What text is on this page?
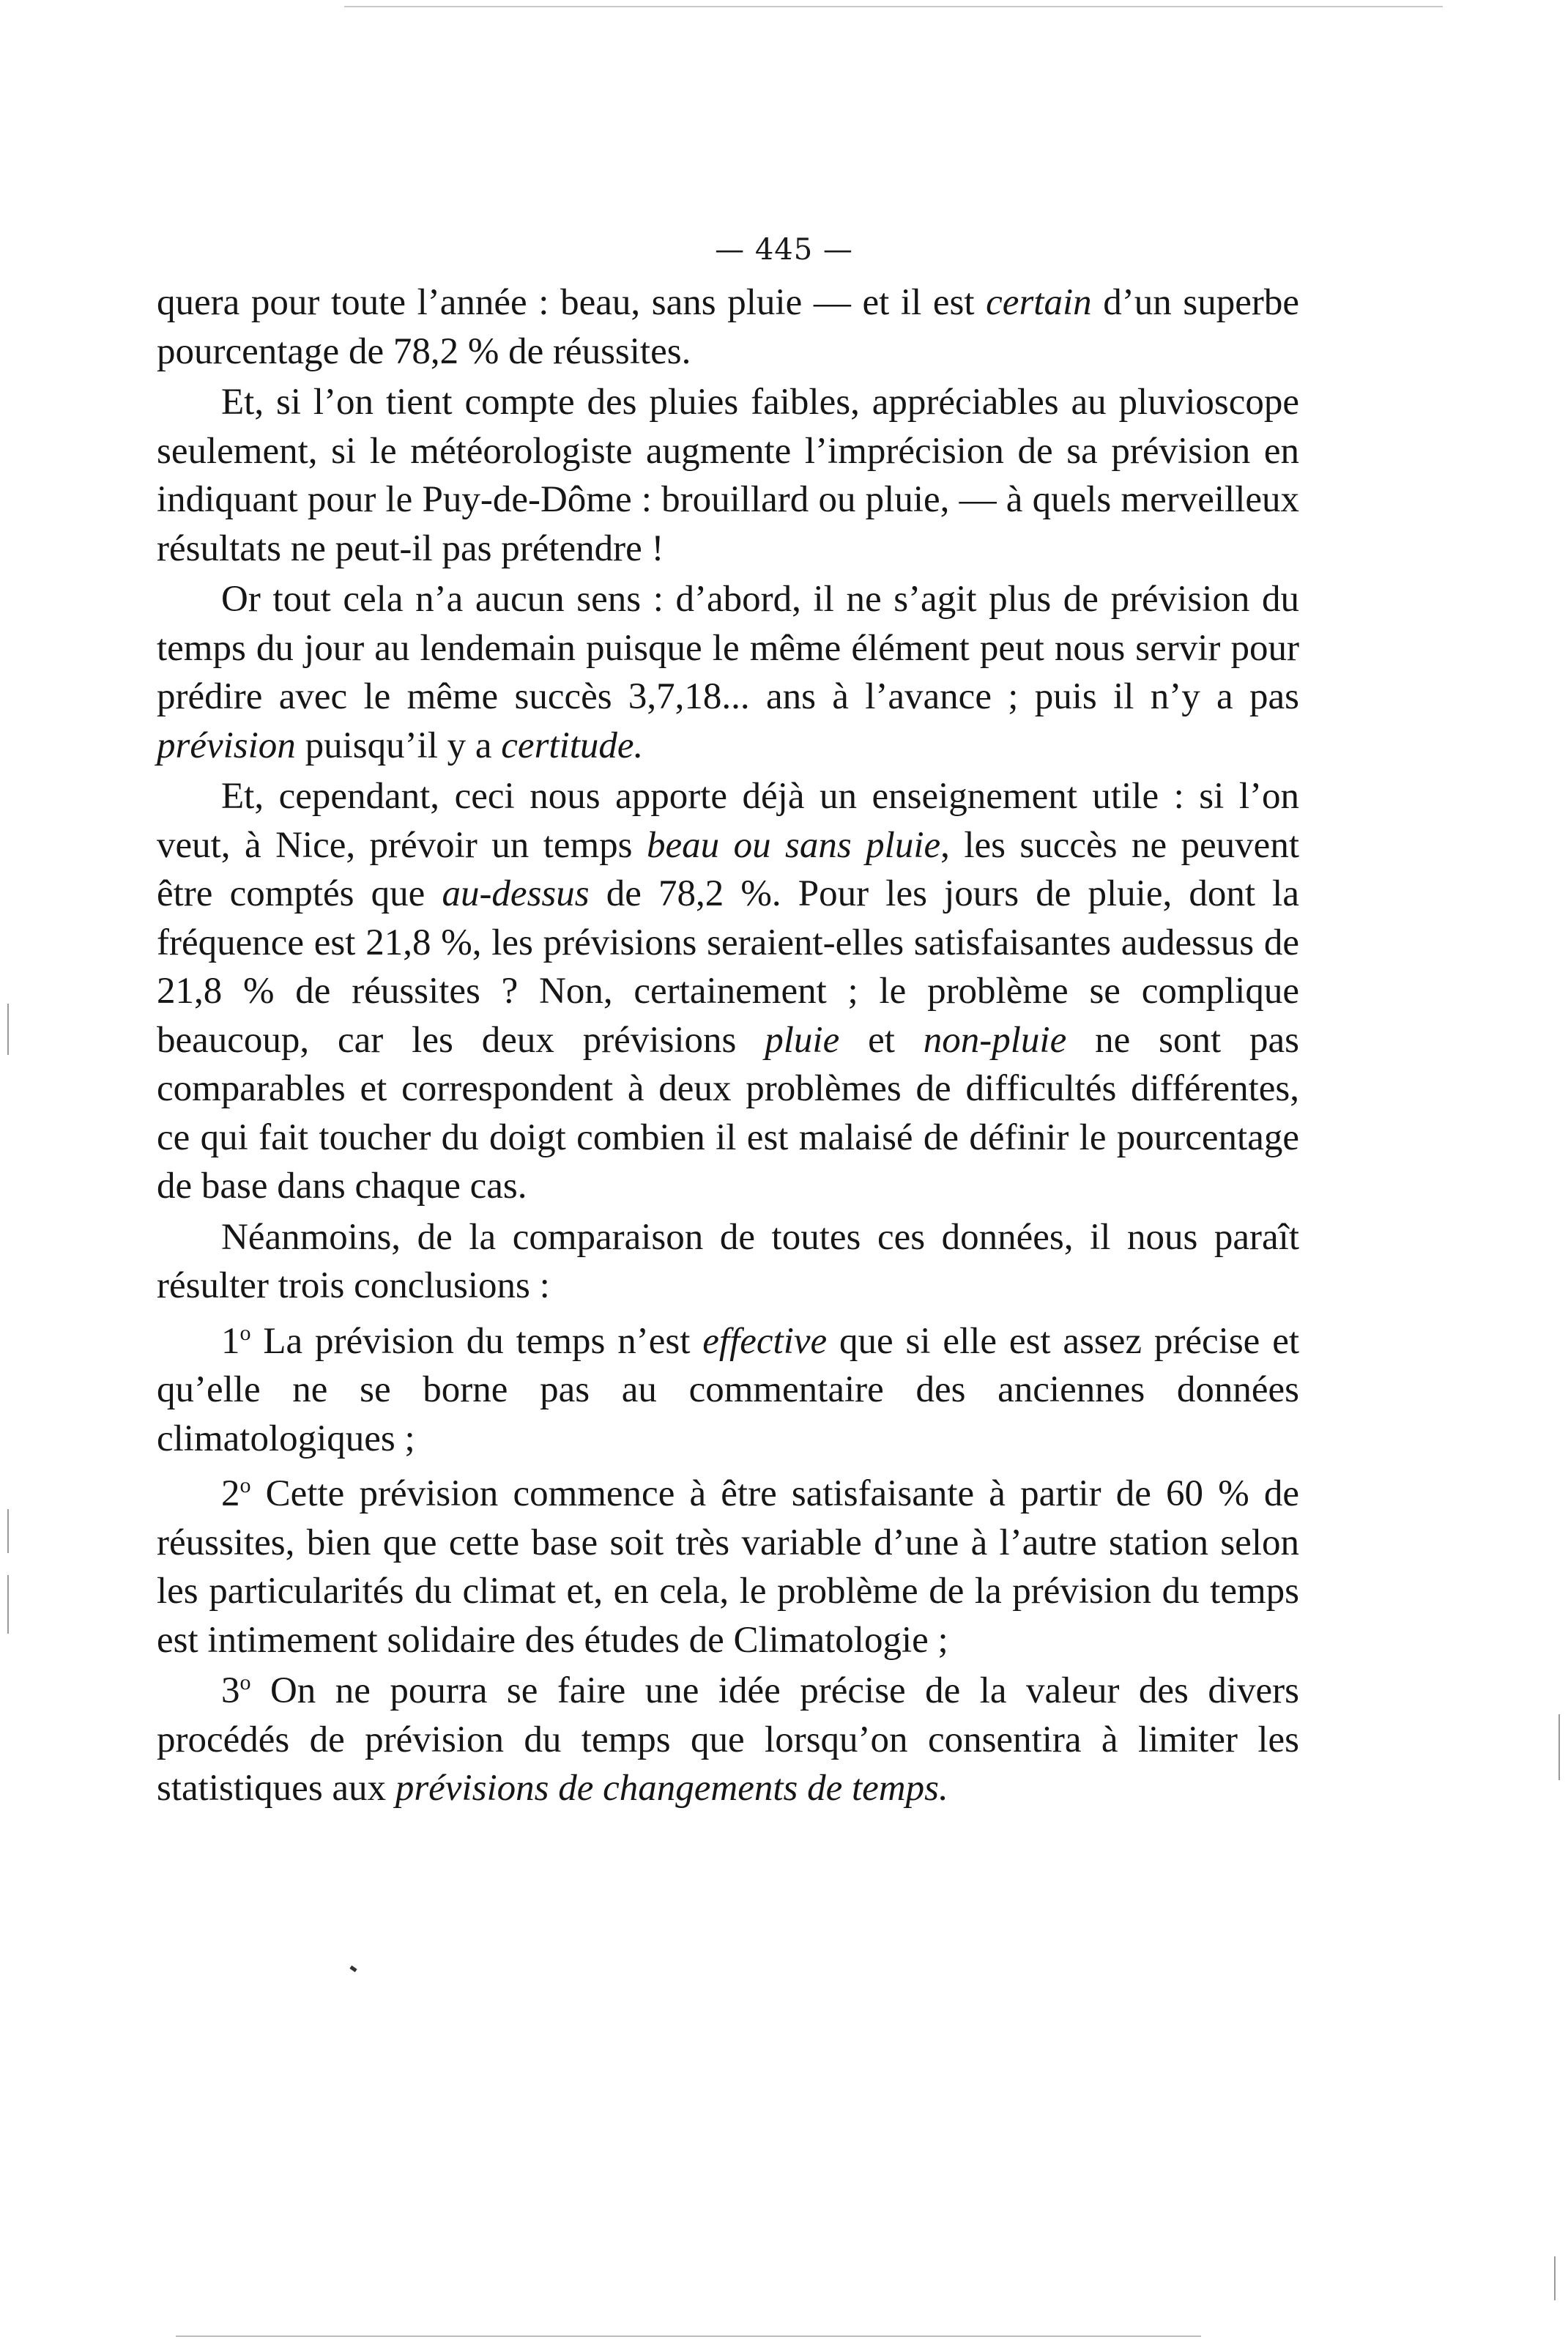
— 445 —

quera pour toute l’année : beau, sans pluie — et il est certain d’un superbe pourcentage de 78,2 % de réussites.

Et, si l’on tient compte des pluies faibles, appréciables au pluvioscope seulement, si le météorologiste augmente l’imprécision de sa prévision en indiquant pour le Puy-de-Dôme : brouillard ou pluie, — à quels merveilleux résultats ne peut-il pas prétendre !

Or tout cela n’a aucun sens : d’abord, il ne s’agit plus de prévision du temps du jour au lendemain puisque le même élément peut nous servir pour prédire avec le même succès 3,7,18... ans à l’avance ; puis il n’y a pas prévision puisqu’il y a certitude.

Et, cependant, ceci nous apporte déjà un enseignement utile : si l’on veut, à Nice, prévoir un temps beau ou sans pluie, les succès ne peuvent être comptés que au-dessus de 78,2 %. Pour les jours de pluie, dont la fréquence est 21,8 %, les prévisions seraient-elles satisfaisantes audessus de 21,8 % de réussites ? Non, certainement ; le problème se complique beaucoup, car les deux prévisions pluie et non-pluie ne sont pas comparables et correspondent à deux problèmes de difficultés différentes, ce qui fait toucher du doigt combien il est malaisé de définir le pourcentage de base dans chaque cas.

Néanmoins, de la comparaison de toutes ces données, il nous paraît résulter trois conclusions :

1$^o$ La prévision du temps n’est effective que si elle est assez précise et qu’elle ne se borne pas au commentaire des anciennes données climatologiques ;

2$^o$ Cette prévision commence à être satisfaisante à partir de 60 % de réussites, bien que cette base soit très variable d’une à l’autre station selon les particularités du climat et, en cela, le problème de la prévision du temps est intimement solidaire des études de Climatologie ;

3$^o$ On ne pourra se faire une idée précise de la valeur des divers procédés de prévision du temps que lorsqu’on consentira à limiter les statistiques aux prévisions de changements de temps.
